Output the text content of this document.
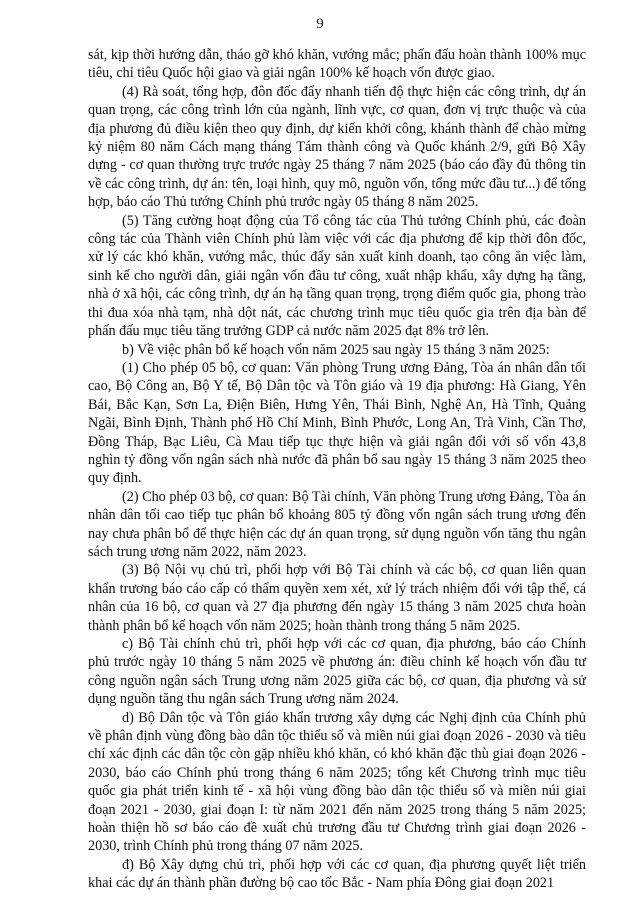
9

sát, kịp thời hướng dẫn, tháo gỡ khó khăn, vướng mắc; phấn đấu hoàn thành 100% mục tiêu, chỉ tiêu Quốc hội giao và giải ngân 100% kế hoạch vốn được giao.

(4) Rà soát, tổng hợp, đôn đốc đẩy nhanh tiến độ thực hiện các công trình, dự án quan trọng, các công trình lớn của ngành, lĩnh vực, cơ quan, đơn vị trực thuộc và của địa phương đủ điều kiện theo quy định, dự kiến khởi công, khánh thành để chào mừng kỷ niệm 80 năm Cách mạng tháng Tám thành công và Quốc khánh 2/9, gửi Bộ Xây dựng - cơ quan thường trực trước ngày 25 tháng 7 năm 2025 (báo cáo đầy đủ thông tin về các công trình, dự án: tên, loại hình, quy mô, nguồn vốn, tổng mức đầu tư...) để tổng hợp, báo cáo Thủ tướng Chính phủ trước ngày 05 tháng 8 năm 2025.

(5) Tăng cường hoạt động của Tổ công tác của Thủ tướng Chính phủ, các đoàn công tác của Thành viên Chính phủ làm việc với các địa phương để kịp thời đôn đốc, xử lý các khó khăn, vướng mắc, thúc đẩy sản xuất kinh doanh, tạo công ăn việc làm, sinh kế cho người dân, giải ngân vốn đầu tư công, xuất nhập khẩu, xây dựng hạ tầng, nhà ở xã hội, các công trình, dự án hạ tầng quan trọng, trọng điểm quốc gia, phong trào thi đua xóa nhà tạm, nhà dột nát, các chương trình mục tiêu quốc gia trên địa bàn để phấn đấu mục tiêu tăng trưởng GDP cả nước năm 2025 đạt 8% trở lên.

b) Về việc phân bổ kế hoạch vốn năm 2025 sau ngày 15 tháng 3 năm 2025:

(1) Cho phép 05 bộ, cơ quan: Văn phòng Trung ương Đảng, Tòa án nhân dân tối cao, Bộ Công an, Bộ Y tế, Bộ Dân tộc và Tôn giáo và 19 địa phương: Hà Giang, Yên Bái, Bắc Kạn, Sơn La, Điện Biên, Hưng Yên, Thái Bình, Nghệ An, Hà Tĩnh, Quảng Ngãi, Bình Định, Thành phố Hồ Chí Minh, Bình Phước, Long An, Trà Vinh, Cần Thơ, Đồng Tháp, Bạc Liêu, Cà Mau tiếp tục thực hiện và giải ngân đối với số vốn 43,8 nghìn tỷ đồng vốn ngân sách nhà nước đã phân bổ sau ngày 15 tháng 3 năm 2025 theo quy định.

(2) Cho phép 03 bộ, cơ quan: Bộ Tài chính, Văn phòng Trung ương Đảng, Tòa án nhân dân tối cao tiếp tục phân bổ khoảng 805 tỷ đồng vốn ngân sách trung ương đến nay chưa phân bổ để thực hiện các dự án quan trọng, sử dụng nguồn vốn tăng thu ngân sách trung ương năm 2022, năm 2023.

(3) Bộ Nội vụ chủ trì, phối hợp với Bộ Tài chính và các bộ, cơ quan liên quan khẩn trương báo cáo cấp có thẩm quyền xem xét, xử lý trách nhiệm đối với tập thể, cá nhân của 16 bộ, cơ quan và 27 địa phương đến ngày 15 tháng 3 năm 2025 chưa hoàn thành phân bổ kế hoạch vốn năm 2025; hoàn thành trong tháng 5 năm 2025.

c) Bộ Tài chính chủ trì, phối hợp với các cơ quan, địa phương, báo cáo Chính phủ trước ngày 10 tháng 5 năm 2025 về phương án: điều chỉnh kế hoạch vốn đầu tư công nguồn ngân sách Trung ương năm 2025 giữa các bộ, cơ quan, địa phương và sử dụng nguồn tăng thu ngân sách Trung ương năm 2024.

d) Bộ Dân tộc và Tôn giáo khẩn trương xây dựng các Nghị định của Chính phủ về phân định vùng đồng bào dân tộc thiểu số và miền núi giai đoạn 2026 - 2030 và tiêu chí xác định các dân tộc còn gặp nhiều khó khăn, có khó khăn đặc thù giai đoạn 2026 - 2030, báo cáo Chính phủ trong tháng 6 năm 2025; tổng kết Chương trình mục tiêu quốc gia phát triển kinh tế - xã hội vùng đồng bào dân tộc thiểu số và miền núi giai đoạn 2021 - 2030, giai đoạn I: từ năm 2021 đến năm 2025 trong tháng 5 năm 2025; hoàn thiện hồ sơ báo cáo đề xuất chủ trương đầu tư Chương trình giai đoạn 2026 - 2030, trình Chính phủ trong tháng 07 năm 2025.

đ) Bộ Xây dựng chủ trì, phối hợp với các cơ quan, địa phương quyết liệt triển khai các dự án thành phần đường bộ cao tốc Bắc - Nam phía Đông giai đoạn 2021
